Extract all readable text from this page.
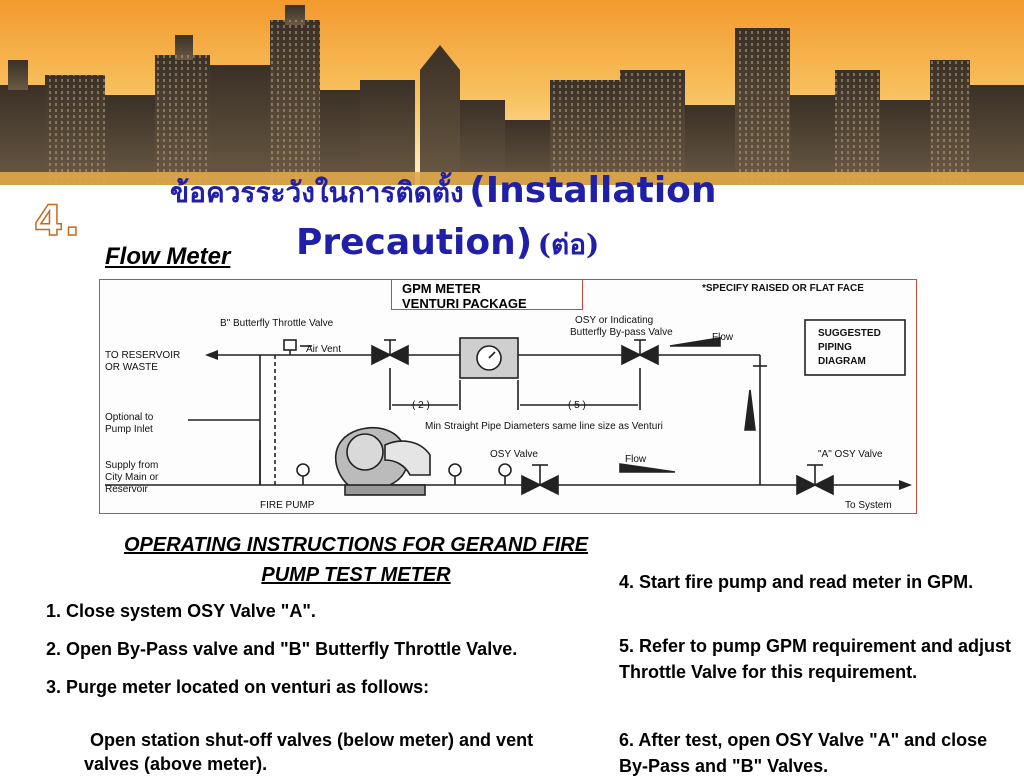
4.
ข้อควรระวังในการติดตั้ง (Installation
Precaution) (ต่อ)
Flow Meter
*SPECIFY RAISED OR FLAT FACE
B" Butterfly Throttle Valve
Air Vent
OSY or Indicating
Butterfly By-pass Valve	Flow	SUGGESTED
PIPING
DIAGRAM
TO RESERVOIR
OR WASTE
( 2 )	( 5 )
Min Straight Pipe Diameters same line size as Venturi
Optional to
Pump Inlet
Supply from
City Main or
Reservoir
OSY Valve	Flow	"A" OSY Valve
FIRE PUMP	To System
GPM METER
VENTURI PACKAGE
OPERATING INSTRUCTIONS FOR GERAND FIRE
PUMP TEST METER
1. Close system OSY Valve "A".
2. Open By-Pass valve and "B" Butterfly Throttle Valve.
3. Purge meter located on venturi as follows:
Open station shut-off valves (below meter) and vent
valves (above meter).
4. Start fire pump and read meter in GPM.
5. Refer to pump GPM requirement and adjust Throttle Valve for this requirement.
6. After test, open OSY Valve "A" and close By-Pass and "B" Valves.
